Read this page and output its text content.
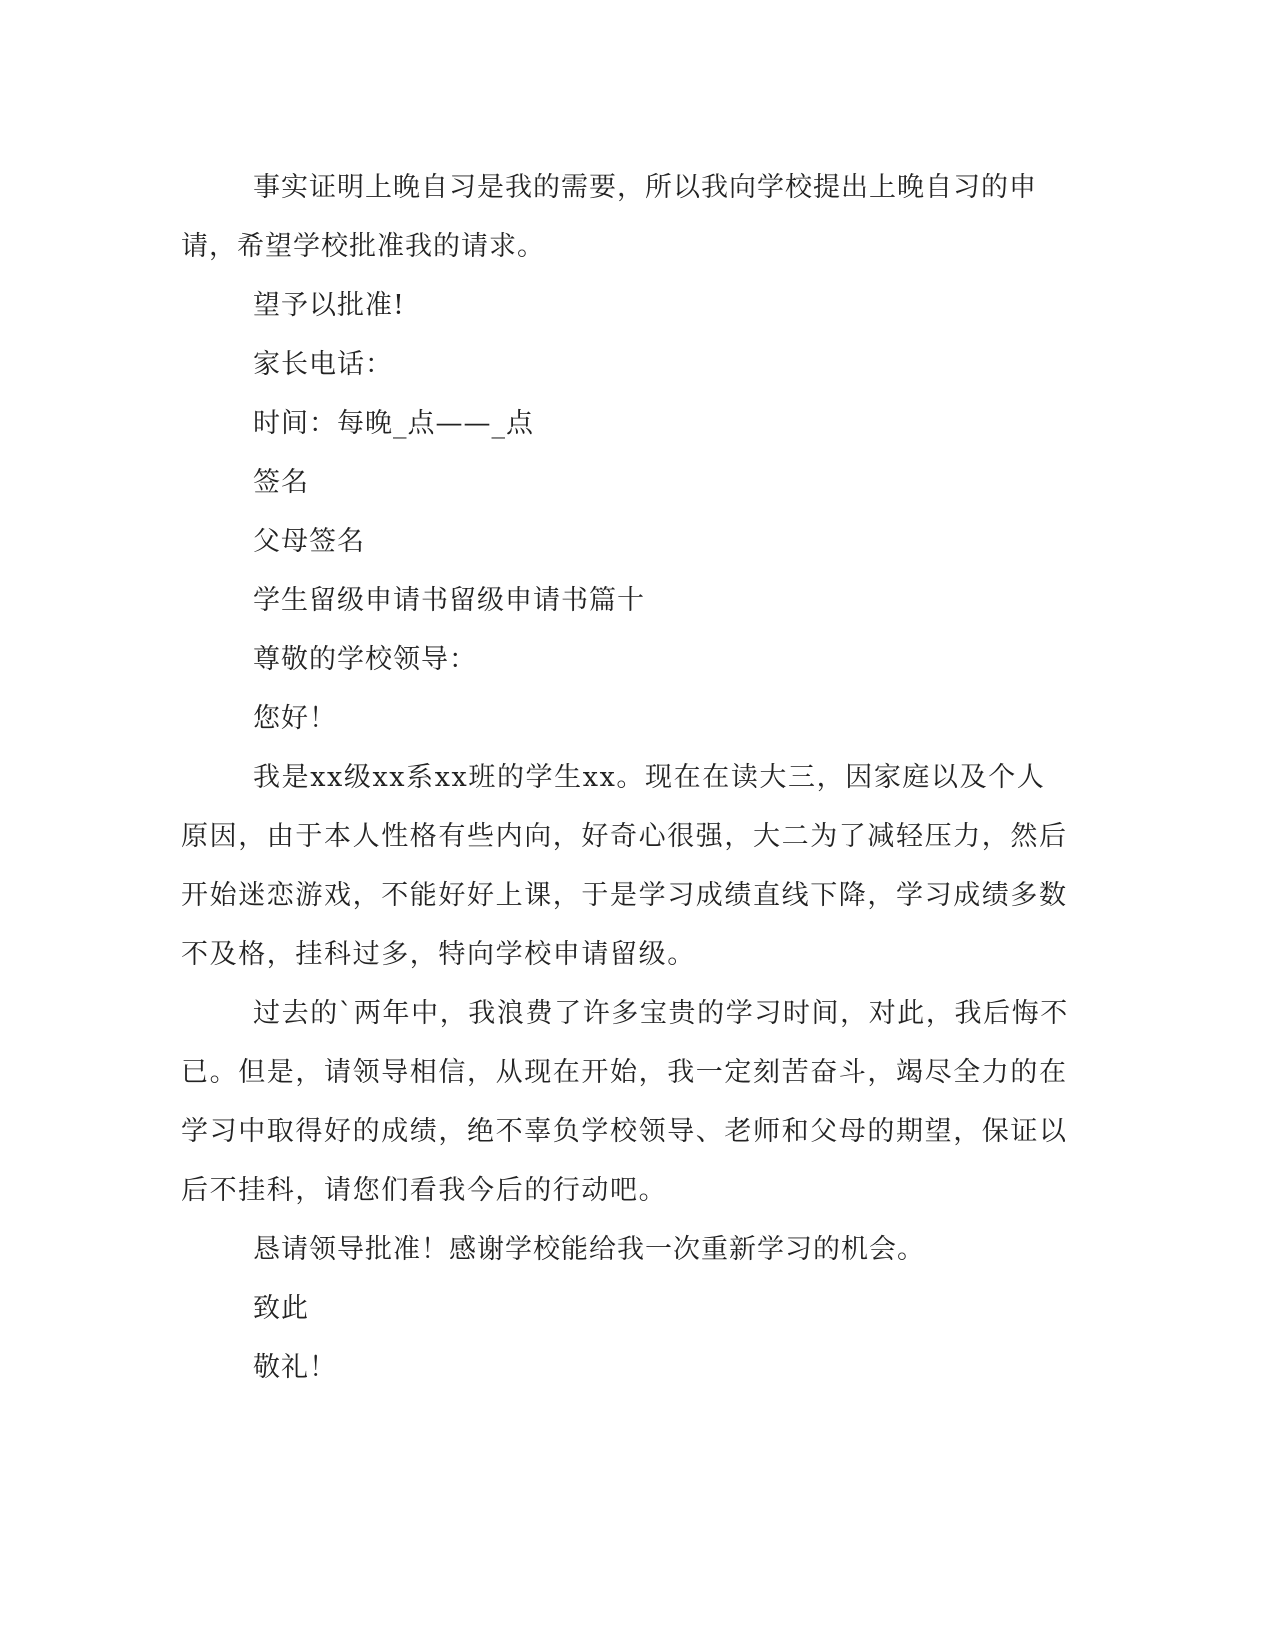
事实证明上晚自习是我的需要，所以我向学校提出上晚自习的申请，希望学校批准我的请求。

望予以批准!

家长电话：

时间：每晚_点——_点

签名

父母签名

学生留级申请书留级申请书篇十

尊敬的学校领导：

您好！

我是xx级xx系xx班的学生xx。现在在读大三，因家庭以及个人原因，由于本人性格有些内向，好奇心很强，大二为了减轻压力，然后开始迷恋游戏，不能好好上课，于是学习成绩直线下降，学习成绩多数不及格，挂科过多，特向学校申请留级。

过去的`两年中，我浪费了许多宝贵的学习时间，对此，我后悔不已。但是，请领导相信，从现在开始，我一定刻苦奋斗，竭尽全力的在学习中取得好的成绩，绝不辜负学校领导、老师和父母的期望，保证以后不挂科，请您们看我今后的行动吧。

恳请领导批准！感谢学校能给我一次重新学习的机会。

致此

敬礼！
